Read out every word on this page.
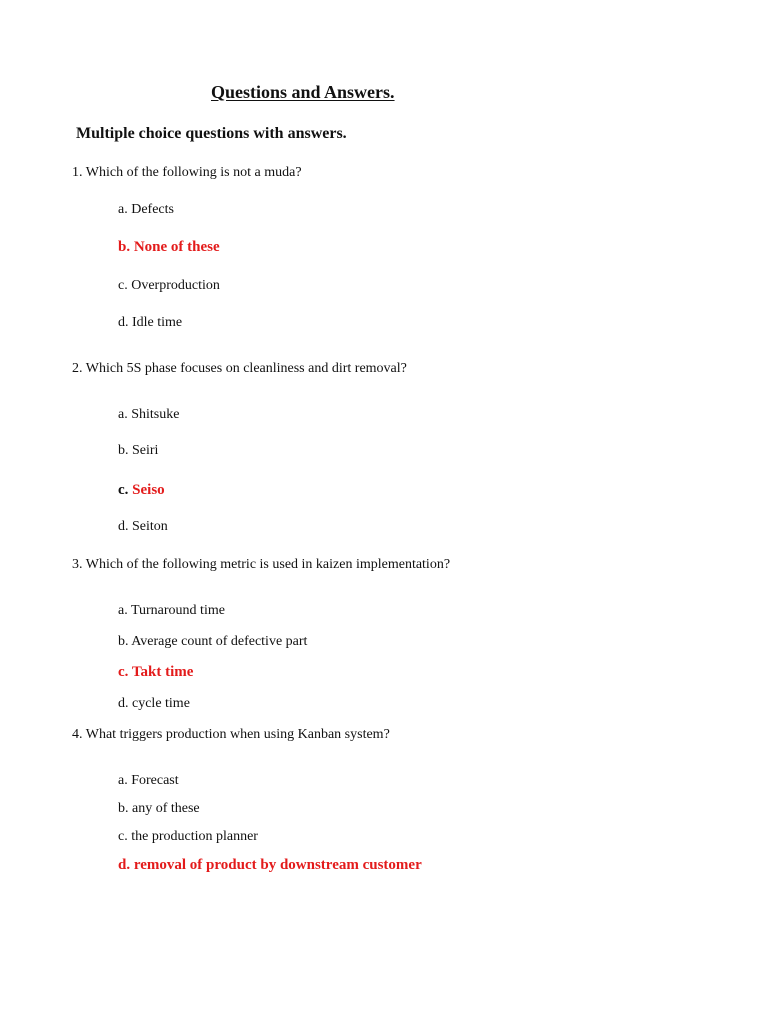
Questions and Answers.
Multiple choice questions with answers.
1. Which of the following is not a muda?
a. Defects
b. None of these
c. Overproduction
d. Idle time
2. Which 5S phase focuses on cleanliness and dirt removal?
a. Shitsuke
b. Seiri
c. Seiso
d. Seiton
3. Which of the following metric is used in kaizen implementation?
a. Turnaround time
b. Average count of defective part
c. Takt time
d. cycle time
4. What triggers production when using Kanban system?
a. Forecast
b. any of these
c. the production planner
d. removal of product by downstream customer
